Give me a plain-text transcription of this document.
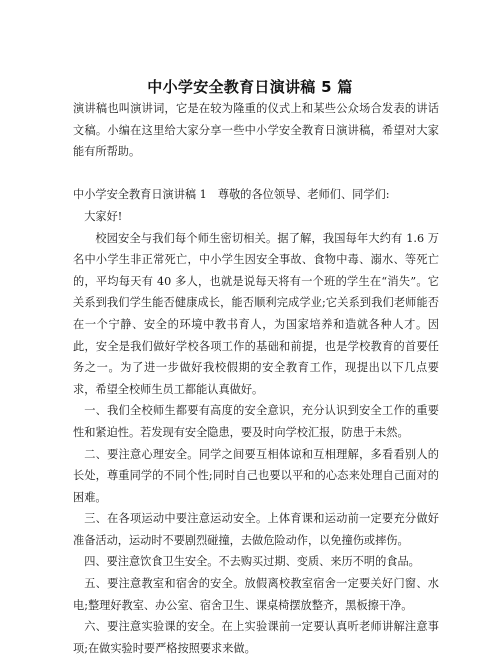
中小学安全教育日演讲稿 5 篇

演讲稿也叫演讲词，它是在较为隆重的仪式上和某些公众场合发表的讲话文稿。小编在这里给大家分享一些中小学安全教育日演讲稿，希望对大家能有所帮助。

中小学安全教育日演讲稿 1　尊敬的各位领导、老师们、同学们:

大家好!

校园安全与我们每个师生密切相关。据了解，我国每年大约有 1.6 万名中小学生非正常死亡，中小学生因安全事故、食物中毒、溺水、等死亡的，平均每天有 40 多人，也就是说每天将有一个班的学生在“消失”。它关系到我们学生能否健康成长，能否顺利完成学业;它关系到我们老师能否在一个宁静、安全的环境中教书育人，为国家培养和造就各种人才。因此，安全是我们做好学校各项工作的基础和前提，也是学校教育的首要任务之一。为了进一步做好我校假期的安全教育工作，现提出以下几点要求，希望全校师生员工都能认真做好。

一、我们全校师生都要有高度的安全意识，充分认识到安全工作的重要性和紧迫性。若发现有安全隐患，要及时向学校汇报，防患于未然。

二、要注意心理安全。同学之间要互相体谅和互相理解，多看看别人的长处，尊重同学的不同个性;同时自己也要以平和的心态来处理自己面对的困难。

三、在各项运动中要注意运动安全。上体育课和运动前一定要充分做好准备活动，运动时不要剧烈碰撞，去做危险动作，以免撞伤或摔伤。

四、要注意饮食卫生安全。不去购买过期、变质、来历不明的食品。

五、要注意教室和宿舍的安全。放假离校教室宿舍一定要关好门窗、水电;整理好教室、办公室、宿舍卫生、课桌椅摆放整齐，黑板擦干净。

六、要注意实验课的安全。在上实验课前一定要认真听老师讲解注意事项;在做实验时要严格按照要求来做。
